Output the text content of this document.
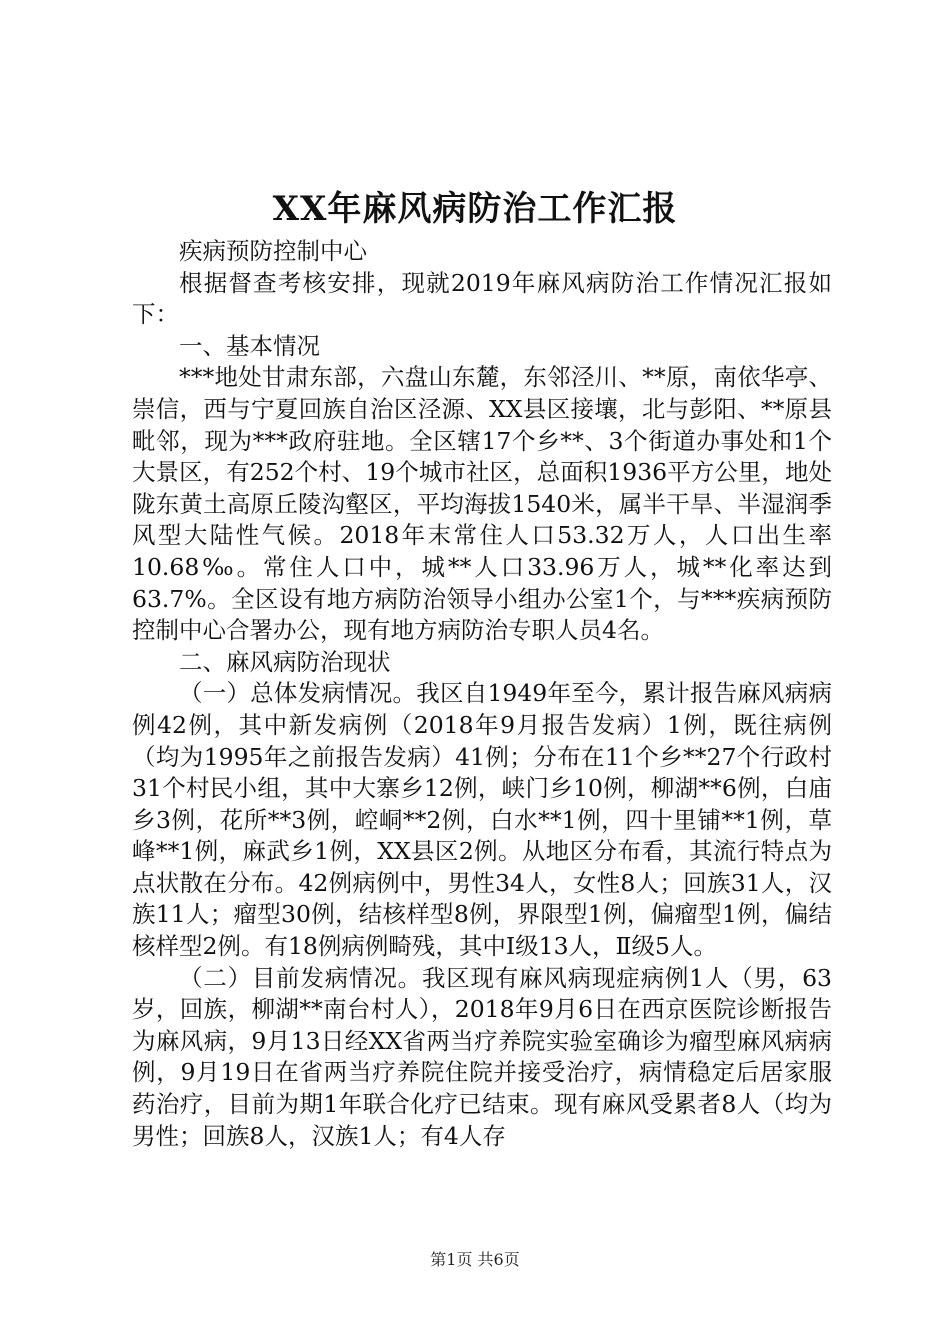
XX年麻风病防治工作汇报

疾病预防控制中心

根据督查考核安排，现就2019年麻风病防治工作情况汇报如下：

一、基本情况

***地处甘肃东部，六盘山东麓，东邻泾川、**原，南依华亭、崇信，西与宁夏回族自治区泾源、XX县区接壤，北与彭阳、**原县毗邻，现为***政府驻地。全区辖17个乡**、3个街道办事处和1个大景区，有252个村、19个城市社区，总面积1936平方公里，地处陇东黄土高原丘陵沟壑区，平均海拔1540米，属半干旱、半湿润季风型大陆性气候。2018年末常住人口53.32万人，人口出生率10.68‰。常住人口中，城**人口33.96万人，城**化率达到63.7%。全区设有地方病防治领导小组办公室1个，与***疾病预防控制中心合署办公，现有地方病防治专职人员4名。

二、麻风病防治现状

（一）总体发病情况。我区自1949年至今，累计报告麻风病病例42例，其中新发病例（2018年9月报告发病）1例，既往病例（均为1995年之前报告发病）41例；分布在11个乡**27个行政村31个村民小组，其中大寨乡12例，峡门乡10例，柳湖**6例，白庙乡3例，花所**3例，崆峒**2例，白水**1例，四十里铺**1例，草峰**1例，麻武乡1例，XX县区2例。从地区分布看，其流行特点为点状散在分布。42例病例中，男性34人，女性8人；回族31人，汉族11人；瘤型30例，结核样型8例，界限型1例，偏瘤型1例，偏结核样型2例。有18例病例畸残，其中Ⅰ级13人，Ⅱ级5人。

（二）目前发病情况。我区现有麻风病现症病例1人（男，63岁，回族，柳湖**南台村人），2018年9月6日在西京医院诊断报告为麻风病，9月13日经XX省两当疗养院实验室确诊为瘤型麻风病病例，9月19日在省两当疗养院住院并接受治疗，病情稳定后居家服药治疗，目前为期1年联合化疗已结束。现有麻风受累者8人（均为男性；回族8人，汉族1人；有4人存

第1页 共6页
